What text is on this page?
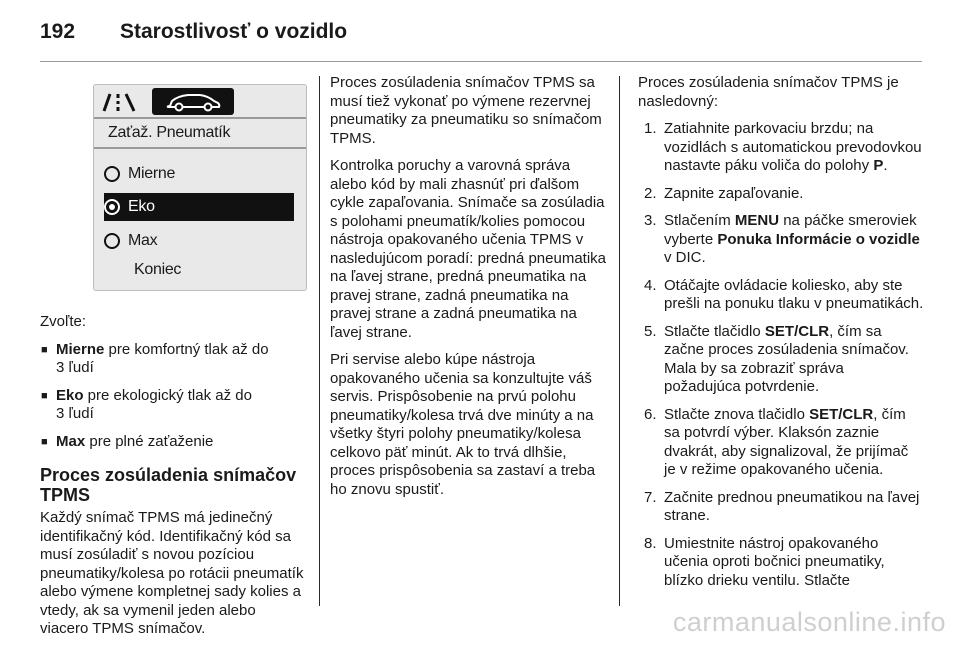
192	Starostlivosť o vozidlo
Zaťaž. Pneumatík
Mierne
Eko
Max
Koniec

Zvoľte:

■ Mierne pre komfortný tlak až do
3 ľudí
■ Eko pre ekologický tlak až do
3 ľudí
■ Max pre plné zaťaženie
Proces zosúladenia snímačov TPMS

Každý snímač TPMS má jedinečný identifikačný kód. Identifikačný kód sa musí zosúladiť s novou pozíciou pneumatiky/kolesa po rotácii pneumatík alebo výmene kompletnej sady kolies a vtedy, ak sa vymenil jeden alebo viacero TPMS snímačov.

Proces zosúladenia snímačov TPMS sa musí tiež vykonať po výmene rezervnej pneumatiky za pneumatiku so snímačom TPMS.

Kontrolka poruchy a varovná správa alebo kód by mali zhasnúť pri ďalšom cykle zapaľovania. Snímače sa zosúladia s polohami pneumatík/kolies pomocou nástroja opakovaného učenia TPMS v nasledujúcom poradí: predná pneumatika na ľavej strane, predná pneumatika na pravej strane, zadná pneumatika na pravej strane a zadná pneumatika na ľavej strane.

Pri servise alebo kúpe nástroja opakovaného učenia sa konzultujte váš servis. Prispôsobenie na prvú polohu pneumatiky/kolesa trvá dve minúty a na všetky štyri polohy pneumatiky/kolesa celkovo päť minút. Ak to trvá dlhšie, proces prispôsobenia sa zastaví a treba ho znovu spustiť.

Proces zosúladenia snímačov TPMS je nasledovný:

1. Zatiahnite parkovaciu brzdu; na vozidlách s automatickou prevodovkou nastavte páku voliča do polohy P.
2. Zapnite zapaľovanie.
3. Stlačením MENU na páčke smeroviek vyberte Ponuka Informácie o vozidle v DIC.
4. Otáčajte ovládacie koliesko, aby ste prešli na ponuku tlaku v pneumatikách.
5. Stlačte tlačidlo SET/CLR, čím sa začne proces zosúladenia snímačov. Mala by sa zobraziť správa požadujúca potvrdenie.
6. Stlačte znova tlačidlo SET/CLR, čím sa potvrdí výber. Klaksón zaznie dvakrát, aby signalizoval, že prijímač je v režime opakovaného učenia.
7. Začnite prednou pneumatikou na ľavej strane.
8. Umiestnite nástroj opakovaného učenia oproti bočnici pneumatiky, blízko drieku ventilu. Stlačte
carmanualsonline.info
